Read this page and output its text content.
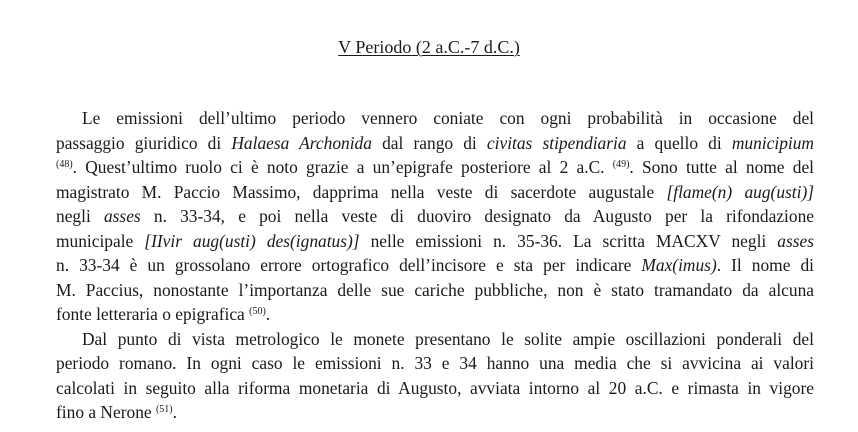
V Periodo (2 a.C.-7 d.C.)
Le emissioni dell’ultimo periodo vennero coniate con ogni probabilità in occasione del
passaggio giuridico di Halaesa Archonida dal rango di civitas stipendiaria a quello di municipium
$^{(48)}$. Quest’ultimo ruolo ci è noto grazie a un’epigrafe posteriore al 2 a.C. $^{(49)}$. Sono tutte al nome del
magistrato M. Paccio Massimo, dapprima nella veste di sacerdote augustale [flame(n) aug(usti)]
negli asses n. 33-34, e poi nella veste di duoviro designato da Augusto per la rifondazione
municipale [IIvir aug(usti) des(ignatus)] nelle emissioni n. 35-36. La scritta MACXV negli asses
n. 33-34 è un grossolano errore ortografico dell’incisore e sta per indicare Max(imus). Il nome di
M. Paccius, nonostante l’importanza delle sue cariche pubbliche, non è stato tramandato da alcuna
fonte letteraria o epigrafica $^{(50)}$.
Dal punto di vista metrologico le monete presentano le solite ampie oscillazioni ponderali del
periodo romano. In ogni caso le emissioni n. 33 e 34 hanno una media che si avvicina ai valori
calcolati in seguito alla riforma monetaria di Augusto, avviata intorno al 20 a.C. e rimasta in vigore
fino a Nerone $^{(51)}$.
